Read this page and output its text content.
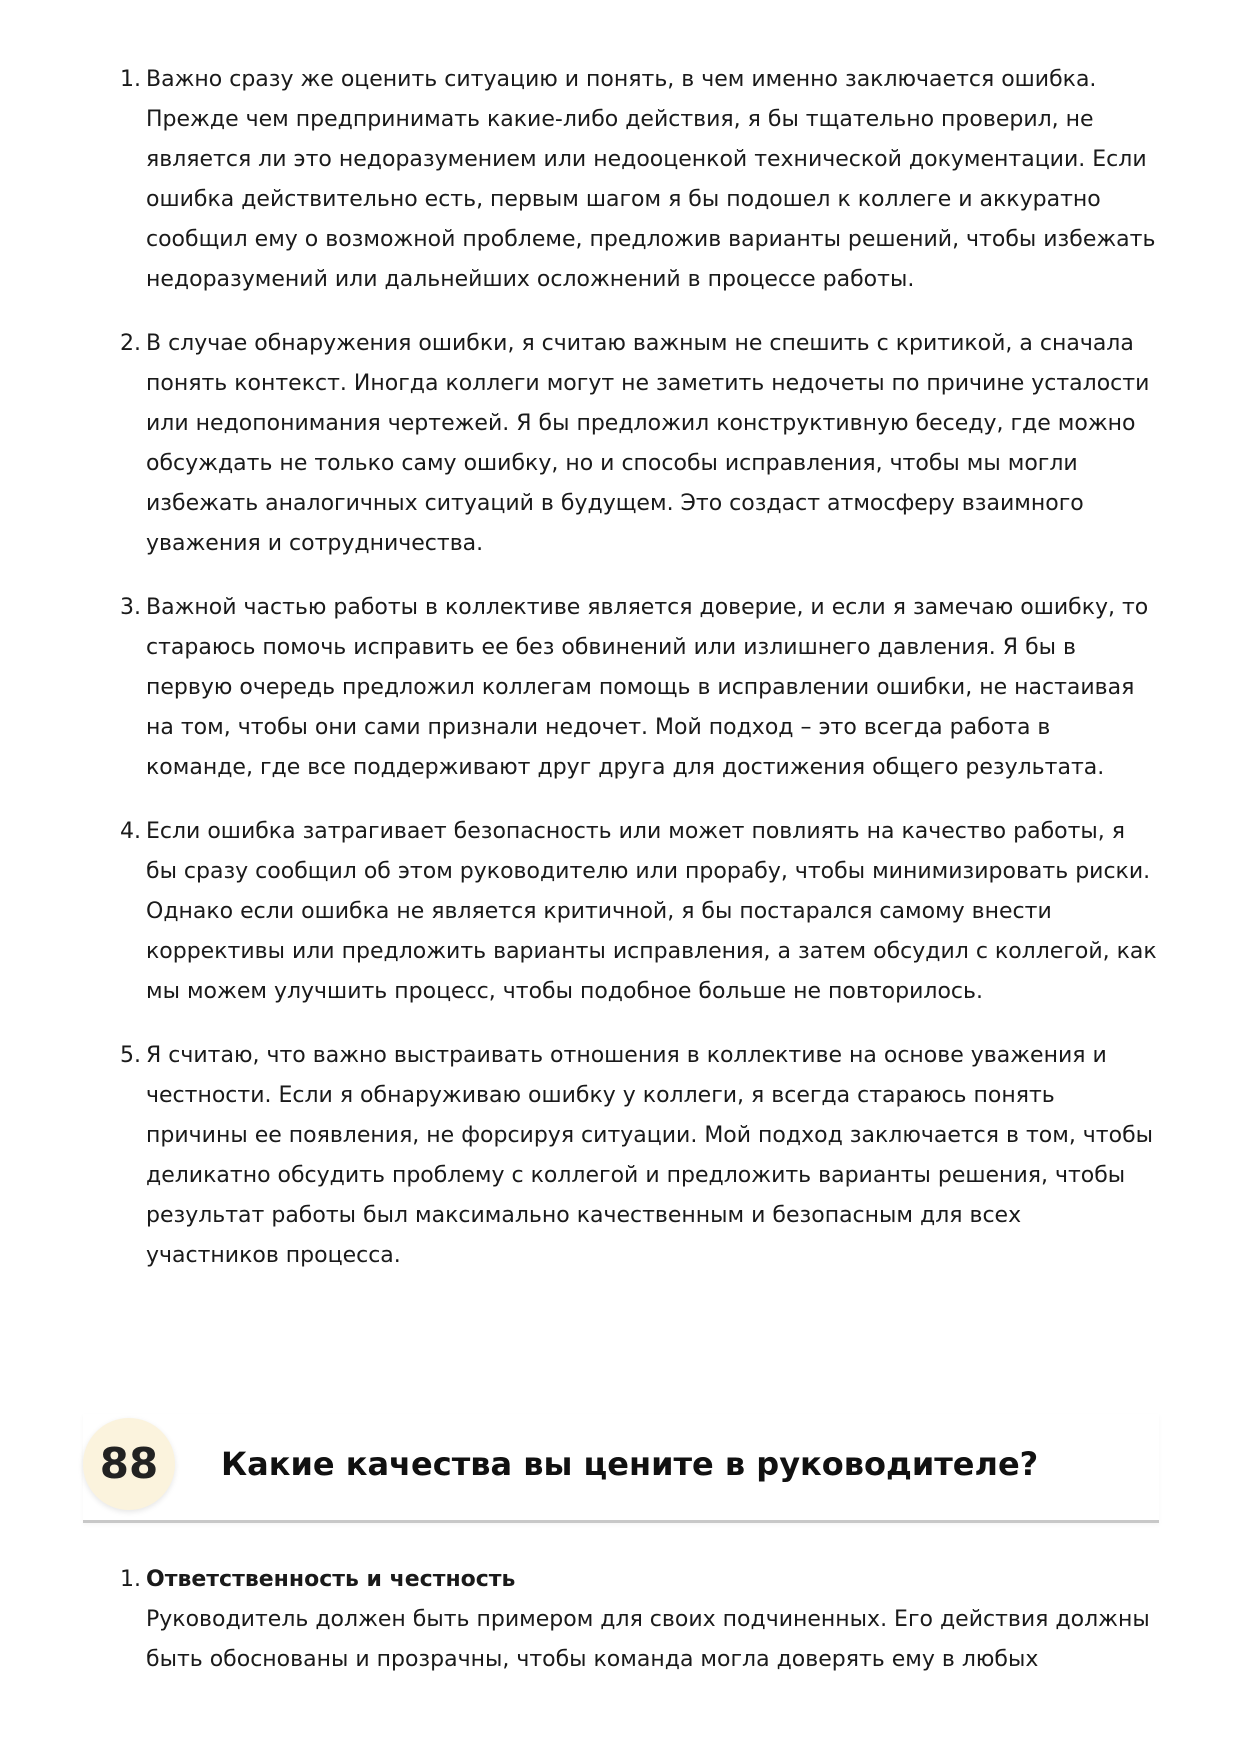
1. Важно сразу же оценить ситуацию и понять, в чем именно заключается ошибка. Прежде чем предпринимать какие-либо действия, я бы тщательно проверил, не является ли это недоразумением или недооценкой технической документации. Если ошибка действительно есть, первым шагом я бы подошел к коллеге и аккуратно сообщил ему о возможной проблеме, предложив варианты решений, чтобы избежать недоразумений или дальнейших осложнений в процессе работы.
2. В случае обнаружения ошибки, я считаю важным не спешить с критикой, а сначала понять контекст. Иногда коллеги могут не заметить недочеты по причине усталости или недопонимания чертежей. Я бы предложил конструктивную беседу, где можно обсуждать не только саму ошибку, но и способы исправления, чтобы мы могли избежать аналогичных ситуаций в будущем. Это создаст атмосферу взаимного уважения и сотрудничества.
3. Важной частью работы в коллективе является доверие, и если я замечаю ошибку, то стараюсь помочь исправить ее без обвинений или излишнего давления. Я бы в первую очередь предложил коллегам помощь в исправлении ошибки, не настаивая на том, чтобы они сами признали недочет. Мой подход – это всегда работа в команде, где все поддерживают друг друга для достижения общего результата.
4. Если ошибка затрагивает безопасность или может повлиять на качество работы, я бы сразу сообщил об этом руководителю или прорабу, чтобы минимизировать риски. Однако если ошибка не является критичной, я бы постарался самому внести коррективы или предложить варианты исправления, а затем обсудил с коллегой, как мы можем улучшить процесс, чтобы подобное больше не повторилось.
5. Я считаю, что важно выстраивать отношения в коллективе на основе уважения и честности. Если я обнаруживаю ошибку у коллеги, я всегда стараюсь понять причины ее появления, не форсируя ситуации. Мой подход заключается в том, чтобы деликатно обсудить проблему с коллегой и предложить варианты решения, чтобы результат работы был максимально качественным и безопасным для всех участников процесса.
88	Какие качества вы цените в руководителе?
1. Ответственность и честность
Руководитель должен быть примером для своих подчиненных. Его действия должны быть обоснованы и прозрачны, чтобы команда могла доверять ему в любых
